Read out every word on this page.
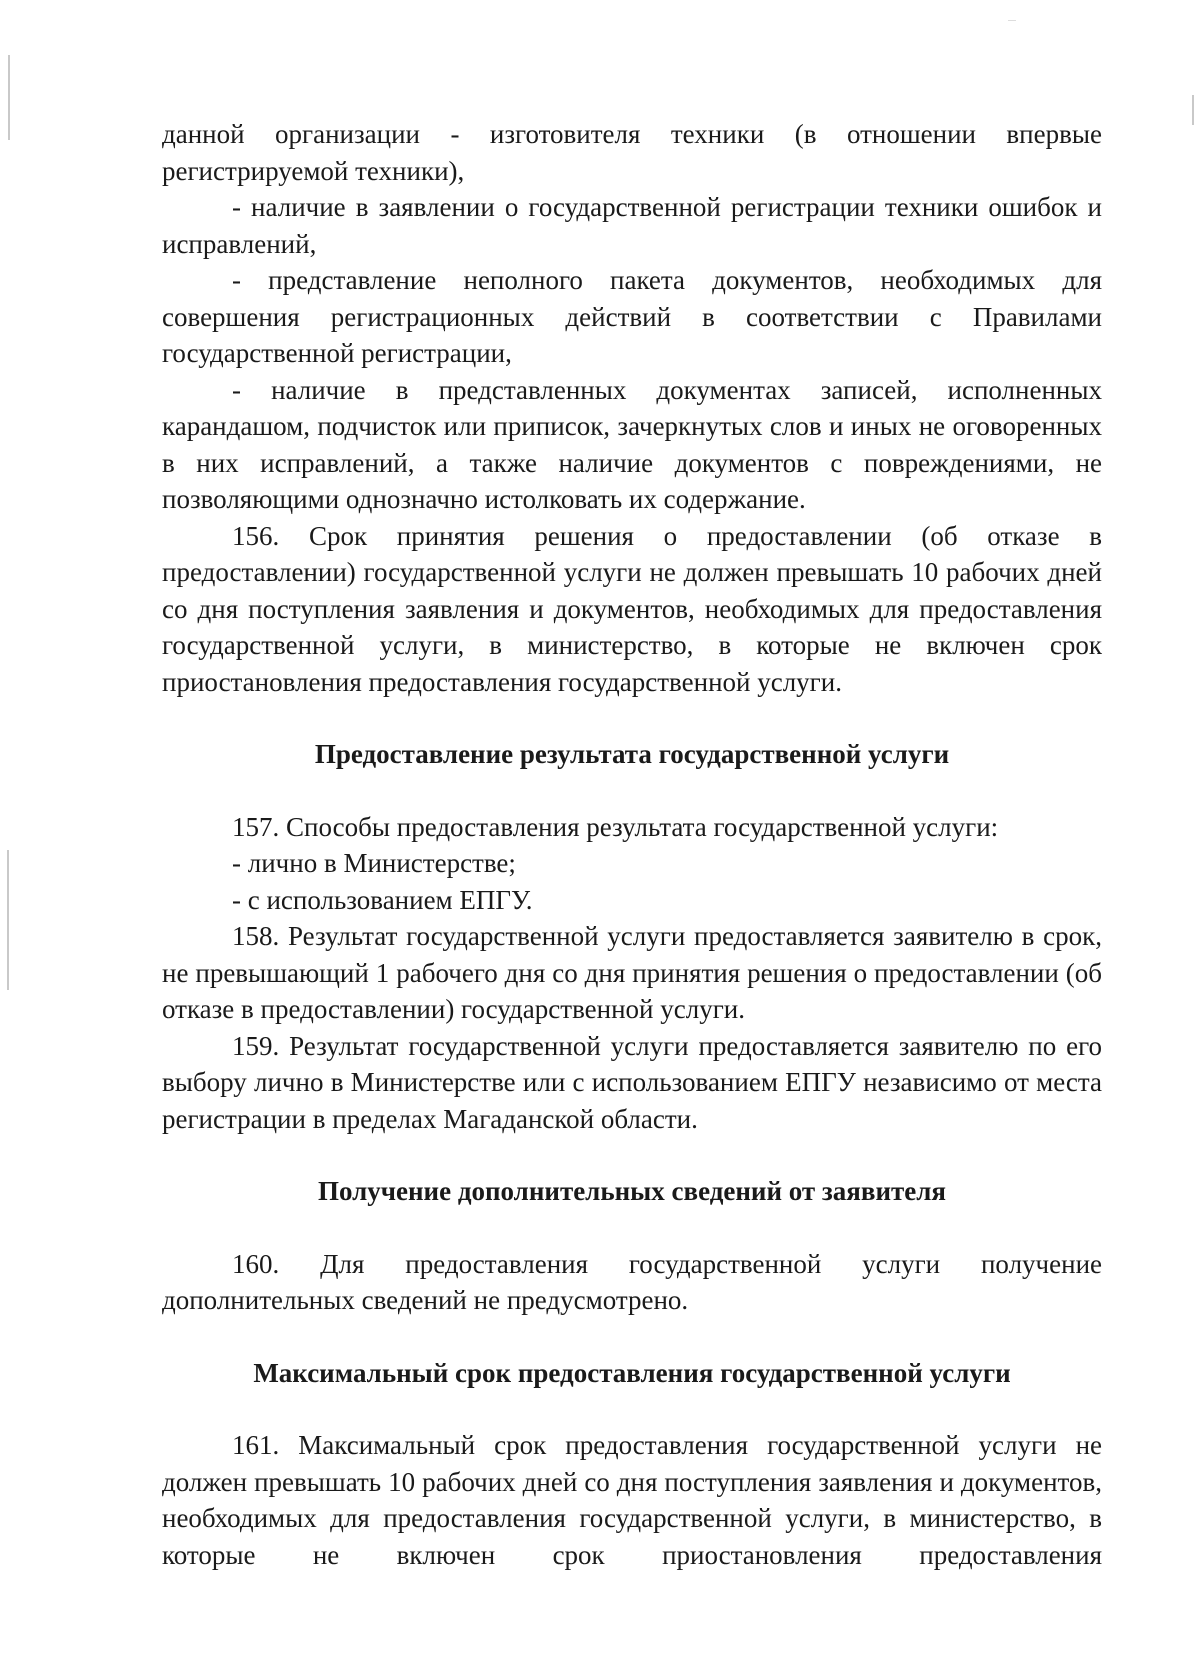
данной организации - изготовителя техники (в отношении впервые регистрируемой техники),

- наличие в заявлении о государственной регистрации техники ошибок и исправлений,

- представление неполного пакета документов, необходимых для совершения регистрационных действий в соответствии с Правилами государственной регистрации,

- наличие в представленных документах записей, исполненных карандашом, подчисток или приписок, зачеркнутых слов и иных не оговоренных в них исправлений, а также наличие документов с повреждениями, не позволяющими однозначно истолковать их содержание.

156. Срок принятия решения о предоставлении (об отказе в предоставлении) государственной услуги не должен превышать 10 рабочих дней со дня поступления заявления и документов, необходимых для предоставления государственной услуги, в министерство, в которые не включен срок приостановления предоставления государственной услуги.

Предоставление результата государственной услуги

157. Способы предоставления результата государственной услуги:

- лично в Министерстве;

- с использованием ЕПГУ.

158. Результат государственной услуги предоставляется заявителю в срок, не превышающий 1 рабочего дня со дня принятия решения о предоставлении (об отказе в предоставлении) государственной услуги.

159. Результат государственной услуги предоставляется заявителю по его выбору лично в Министерстве или с использованием ЕПГУ независимо от места регистрации в пределах Магаданской области.

Получение дополнительных сведений от заявителя

160. Для предоставления государственной услуги получение дополнительных сведений не предусмотрено.

Максимальный срок предоставления государственной услуги

161. Максимальный срок предоставления государственной услуги не должен превышать 10 рабочих дней со дня поступления заявления и документов, необходимых для предоставления государственной услуги, в министерство, в которые не включен срок приостановления предоставления
